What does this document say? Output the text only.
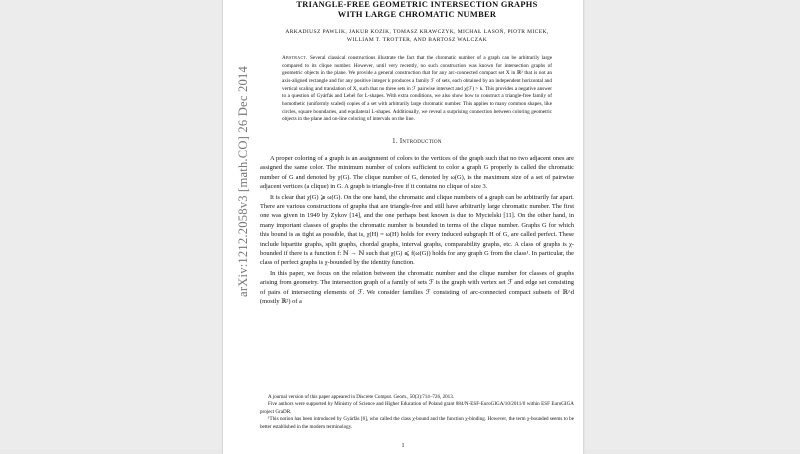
arXiv:1212.2058v3 [math.CO] 26 Dec 2014
TRIANGLE-FREE GEOMETRIC INTERSECTION GRAPHS
WITH LARGE CHROMATIC NUMBER
ARKADIUSZ PAWLIK, JAKUB KOZIK, TOMASZ KRAWCZYK, MICHAŁ LASOŃ, PIOTR MICEK,
WILLIAM T. TROTTER, AND BARTOSZ WALCZAK
Abstract. Several classical constructions illustrate the fact that the chromatic number of a graph can be arbitrarily large compared to its clique number. However, until very recently, no such construction was known for intersection graphs of geometric objects in the plane. We provide a general construction that for any arc-connected compact set X in ℝ² that is not an axis-aligned rectangle and for any positive integer k produces a family ℱ of sets, each obtained by an independent horizontal and vertical scaling and translation of X, such that no three sets in ℱ pairwise intersect and χ(ℱ) > k. This provides a negative answer to a question of Gyárfás and Lehel for L-shapes. With extra conditions, we also show how to construct a triangle-free family of homothetic (uniformly scaled) copies of a set with arbitrarily large chromatic number. This applies to many common shapes, like circles, square boundaries, and equilateral L-shapes. Additionally, we reveal a surprising connection between coloring geometric objects in the plane and on-line coloring of intervals on the line.
1. Introduction

A proper coloring of a graph is an assignment of colors to the vertices of the graph such that no two adjacent ones are assigned the same color. The minimum number of colors sufficient to color a graph G properly is called the chromatic number of G and denoted by χ(G). The clique number of G, denoted by ω(G), is the maximum size of a set of pairwise adjacent vertices (a clique) in G. A graph is triangle-free if it contains no clique of size 3.

It is clear that χ(G) ⩾ ω(G). On the one hand, the chromatic and clique numbers of a graph can be arbitrarily far apart. There are various constructions of graphs that are triangle-free and still have arbitrarily large chromatic number. The first one was given in 1949 by Zykov [14], and the one perhaps best known is due to Mycielski [11]. On the other hand, in many important classes of graphs the chromatic number is bounded in terms of the clique number. Graphs G for which this bound is as tight as possible, that is, χ(H) = ω(H) holds for every induced subgraph H of G, are called perfect. These include bipartite graphs, split graphs, chordal graphs, interval graphs, comparability graphs, etc. A class of graphs is χ-bounded if there is a function f: ℕ → ℕ such that χ(G) ⩽ f(ω(G)) holds for any graph G from the class¹. In particular, the class of perfect graphs is χ-bounded by the identity function.

In this paper, we focus on the relation between the chromatic number and the clique number for classes of graphs arising from geometry. The intersection graph of a family of sets ℱ is the graph with vertex set ℱ and edge set consisting of pairs of intersecting elements of ℱ. We consider families ℱ consisting of arc-connected compact subsets of ℝ^d (mostly ℝ²) of a

A journal version of this paper appeared in Discrete Comput. Geom., 50(3):714–726, 2013.

Five authors were supported by Ministry of Science and Higher Education of Poland grant 884/N-ESF-EuroGIGA/10/2011/0 within ESF EuroGIGA project GraDR.

¹This notion has been introduced by Gyárfás [6], who called the class χ-bound and the function χ-binding. However, the term χ-bounded seems to be better established in the modern terminology.

1
